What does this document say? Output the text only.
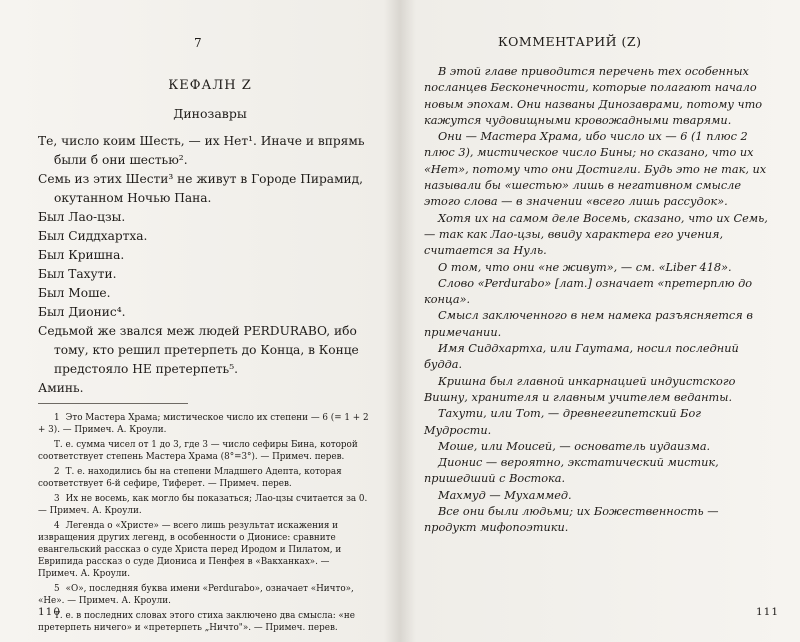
7
КЕФАЛН Z
Динозавры

Те, число коим Шесть, — их Нет¹. Иначе и впрямь были б они шестью².

Семь из этих Шести³ не живут в Городе Пирамид, окутанном Ночью Пана.

Был Лао-цзы.

Был Сиддхартха.

Был Кришна.

Был Тахути.

Был Моше.

Был Дионис⁴.

Седьмой же звался меж людей PERDURABO, ибо тому, кто решил претерпеть до Конца, в Конце предстояло НЕ претерпеть⁵.

Аминь.

1 Это Мастера Храма; мистическое число их степени — 6 (= 1 + 2 + 3). — Примеч. А. Кроули.

Т. е. сумма чисел от 1 до 3, где 3 — число сефиры Бина, которой соответствует степень Мастера Храма (8°=3°). — Примеч. перев.

2 Т. е. находились бы на степени Младшего Адепта, которая соответствует 6-й сефире, Тиферет. — Примеч. перев.

3 Их не восемь, как могло бы показаться; Лао-цзы считается за 0. — Примеч. А. Кроули.

4 Легенда о «Христе» — всего лишь результат искажения и извращения других легенд, в особенности о Дионисе: сравните евангельский рассказ о суде Христа перед Иродом и Пилатом, и Еврипида рассказ о суде Диониса и Пенфея в «Вакханках». — Примеч. А. Кроули.

5 «О», последняя буква имени «Perdurabo», означает «Ничто», «Не». — Примеч. А. Кроули.

Т. е. в последних словах этого стиха заключено два смысла: «не претерпеть ничего» и «претерпеть „Ничто"». — Примеч. перев.

110
КОММЕНТАРИЙ (Z)

В этой главе приводится перечень тех особенных посланцев Бесконечности, которые полагают начало новым эпохам. Они названы Динозаврами, потому что кажутся чудовищными кровожадными тварями.

Они — Мастера Храма, ибо число их — 6 (1 плюс 2 плюс 3), мистическое число Бины; но сказано, что их «Нет», потому что они Достигли. Будь это не так, их называли бы «шестью» лишь в негативном смысле этого слова — в значении «всего лишь рассудок».

Хотя их на самом деле Восемь, сказано, что их Семь, — так как Лао-цзы, ввиду характера его учения, считается за Нуль.

О том, что они «не живут», — см. «Liber 418».

Слово «Perdurabo» [лат.] означает «претерплю до конца».

Смысл заключенного в нем намека разъясняется в примечании.

Имя Сиддхартха, или Гаутама, носил последний будда.

Кришна был главной инкарнацией индуистского Вишну, хранителя и главным учителем веданты.

Тахути, или Тот, — древнеегипетский Бог Мудрости.

Моше, или Моисей, — основатель иудаизма.

Дионис — вероятно, экстатический мистик, пришедший с Востока.

Махмуд — Мухаммед.

Все они были людьми; их Божественность — продукт мифопоэтики.

111
